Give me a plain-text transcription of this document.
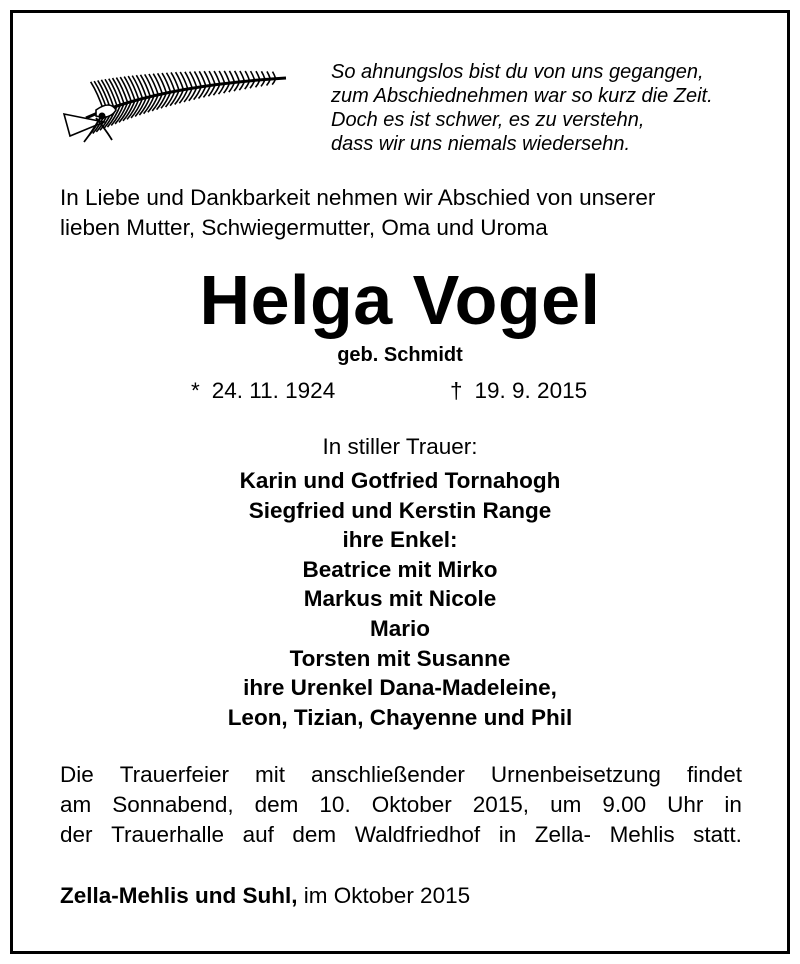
So ahnungslos bist du von uns gegangen,
zum Abschiednehmen war so kurz die Zeit.
Doch es ist schwer, es zu verstehn,
dass wir uns niemals wiedersehn.
In Liebe und Dankbarkeit nehmen wir Abschied von unserer
lieben Mutter, Schwiegermutter, Oma und Uroma
Helga Vogel
geb. Schmidt
* 24. 11. 1924	† 19. 9. 2015
In stiller Trauer:
Karin und Gotfried Tornahogh
Siegfried und Kerstin Range
ihre Enkel:
Beatrice mit Mirko
Markus mit Nicole
Mario
Torsten mit Susanne
ihre Urenkel Dana-Madeleine,
Leon, Tizian, Chayenne und Phil
Die Trauerfeier mit anschließender Urnenbeisetzung findet
am Sonnabend, dem 10. Oktober 2015, um 9.00 Uhr in
der Trauerhalle auf dem Waldfriedhof in Zella- Mehlis statt.
Zella-Mehlis und Suhl, im Oktober 2015
